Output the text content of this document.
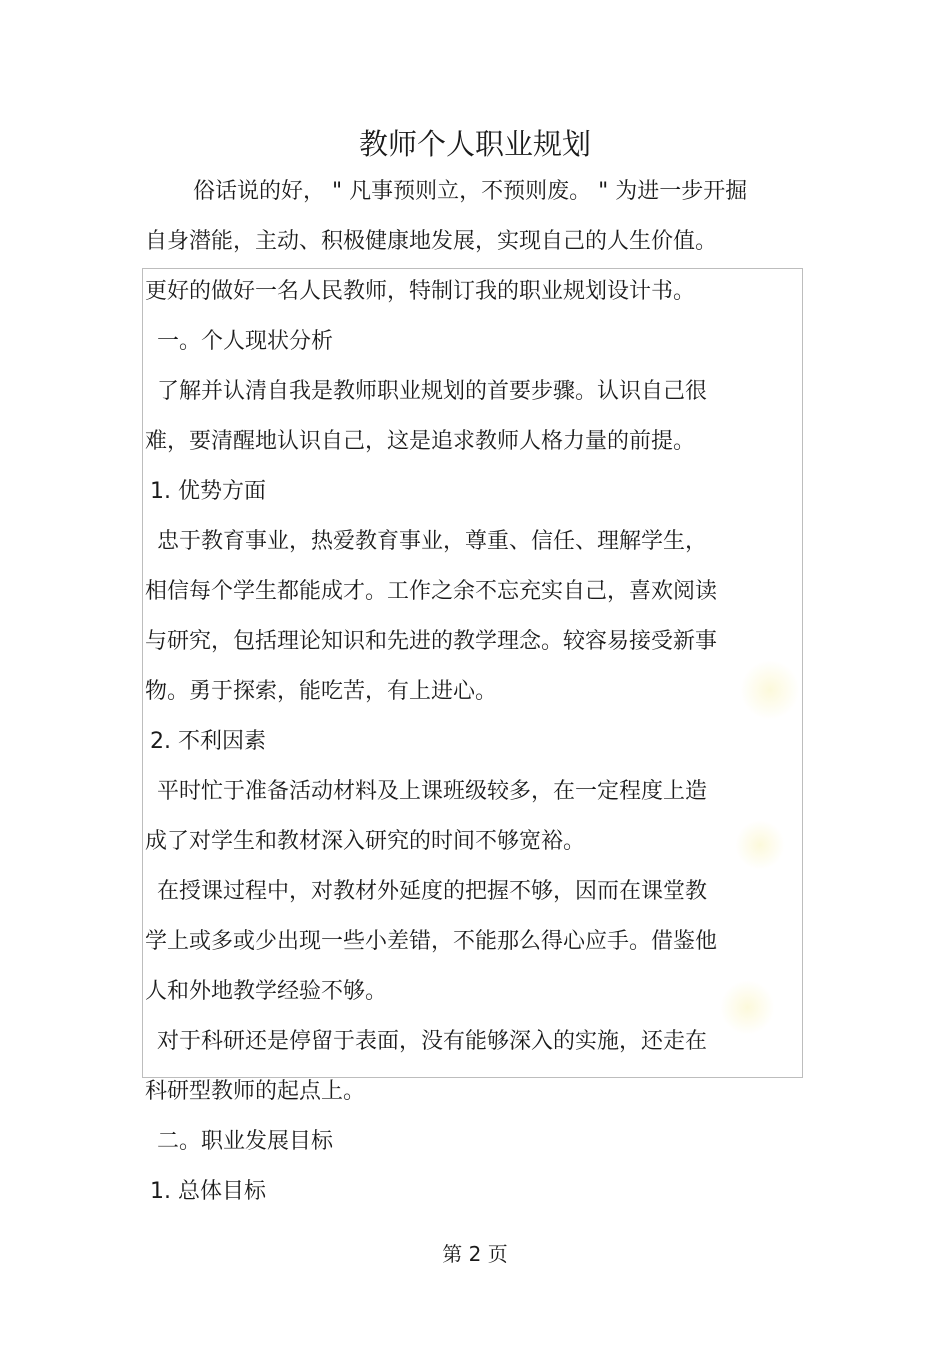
教师个人职业规划
俗话说的好， " 凡事预则立，不预则废。 " 为进一步开掘
自身潜能，主动、积极健康地发展，实现自己的人生价值。
更好的做好一名人民教师，特制订我的职业规划设计书。
一。个人现状分析
了解并认清自我是教师职业规划的首要步骤。认识自己很
难，要清醒地认识自己，这是追求教师人格力量的前提。
1. 优势方面
忠于教育事业，热爱教育事业，尊重、信任、理解学生，
相信每个学生都能成才。工作之余不忘充实自己，喜欢阅读
与研究，包括理论知识和先进的教学理念。较容易接受新事
物。勇于探索，能吃苦，有上进心。
2. 不利因素
平时忙于准备活动材料及上课班级较多，在一定程度上造
成了对学生和教材深入研究的时间不够宽裕。
在授课过程中，对教材外延度的把握不够，因而在课堂教
学上或多或少出现一些小差错，不能那么得心应手。借鉴他
人和外地教学经验不够。
对于科研还是停留于表面，没有能够深入的实施，还走在
科研型教师的起点上。
二。职业发展目标
1. 总体目标
第 2 页
